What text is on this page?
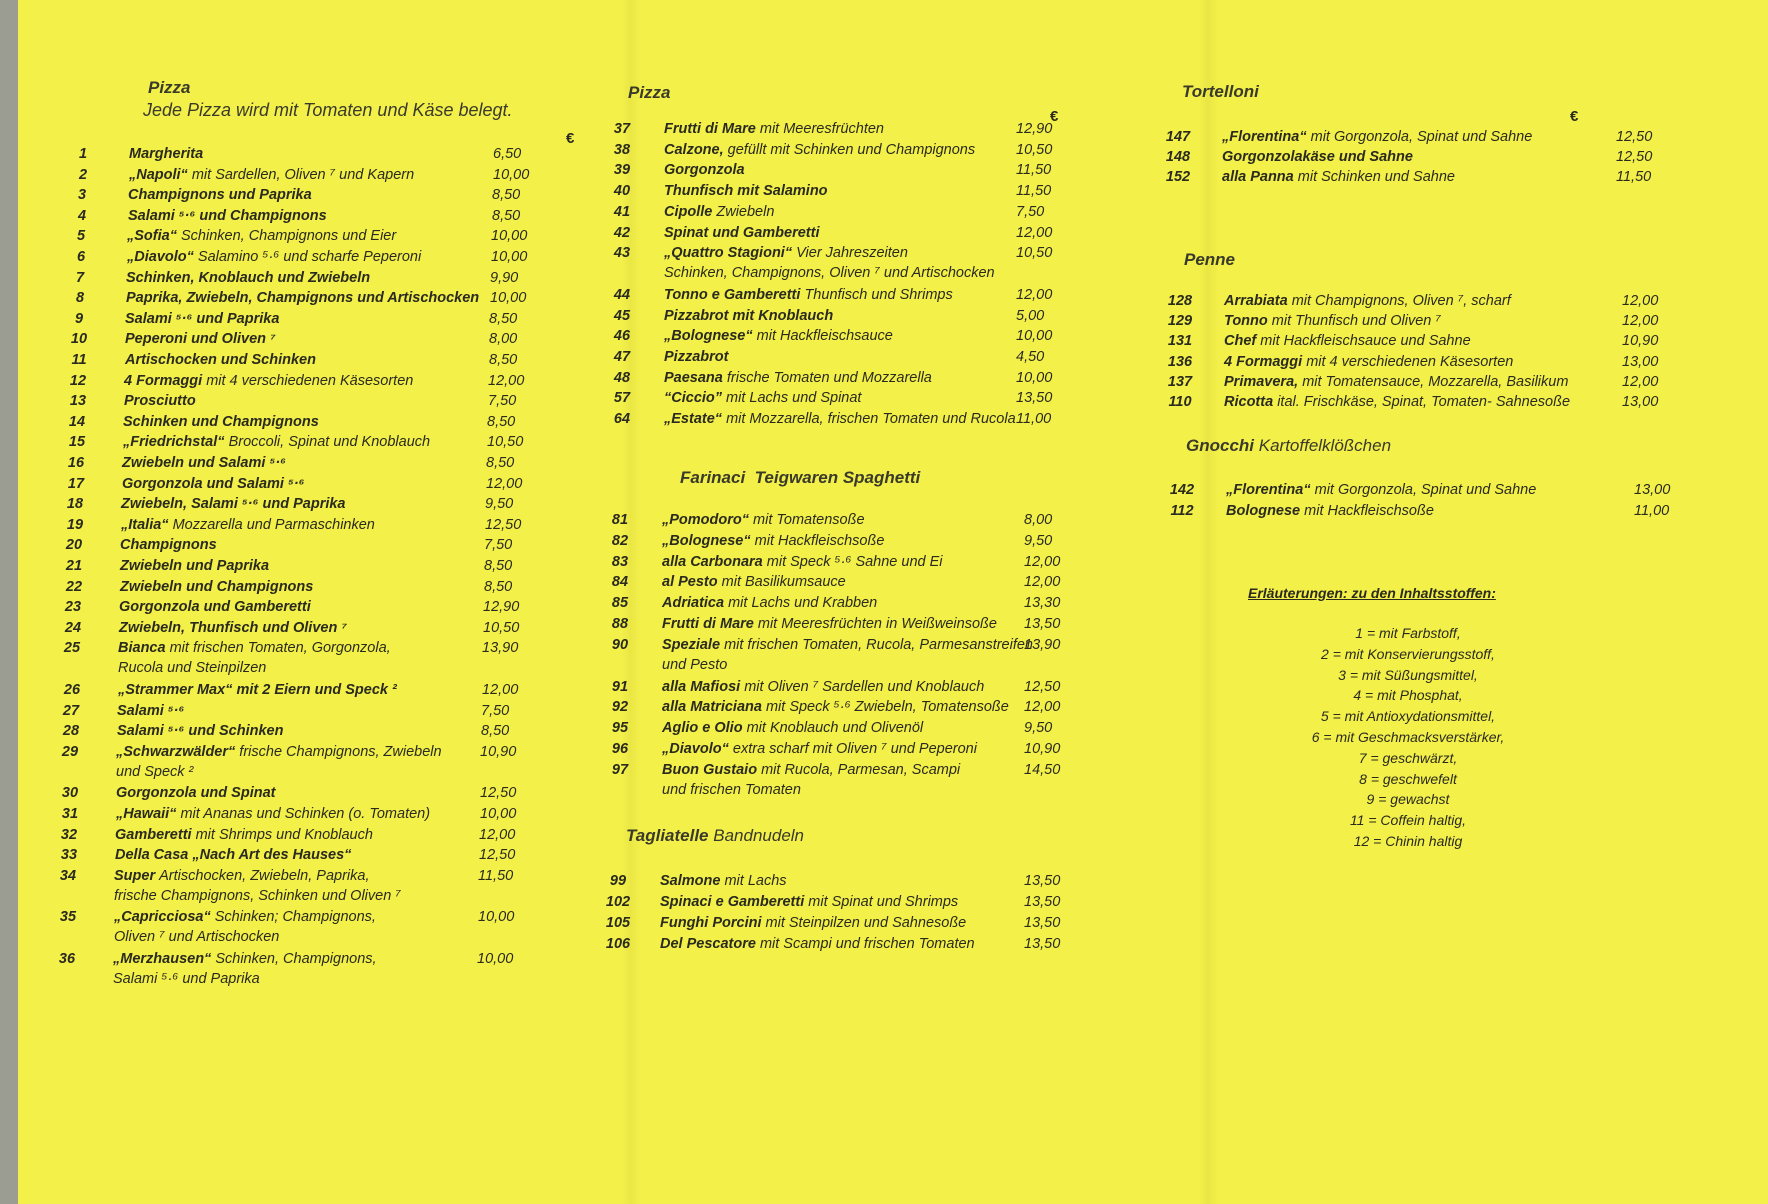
Pizza
Jede Pizza wird mit Tomaten und Käse belegt.
€
1	Margherita	6,50
2	„Napoli“ mit Sardellen, Oliven ⁷ und Kapern	10,00
3	Champignons und Paprika	8,50
4	Salami ⁵·⁶ und Champignons	8,50
5	„Sofia“ Schinken, Champignons und Eier	10,00
6	„Diavolo“ Salamino ⁵·⁶ und scharfe Peperoni	10,00
7	Schinken, Knoblauch und Zwiebeln	9,90
8	Paprika, Zwiebeln, Champignons und Artischocken 10,00
9	Salami ⁵·⁶ und Paprika	8,50
10	Peperoni und Oliven ⁷	8,00
11	Artischocken und Schinken	8,50
12	4 Formaggi mit 4 verschiedenen Käsesorten	12,00
13	Prosciutto	7,50
14	Schinken und Champignons	8,50
15	„Friedrichstal“ Broccoli, Spinat und Knoblauch	10,50
16	Zwiebeln und Salami ⁵·⁶	8,50
17	Gorgonzola und Salami ⁵·⁶	12,00
18	Zwiebeln, Salami ⁵·⁶ und Paprika	9,50
19	„Italia“ Mozzarella und Parmaschinken	12,50
20	Champignons	7,50
21	Zwiebeln und Paprika	8,50
22	Zwiebeln und Champignons	8,50
23	Gorgonzola und Gamberetti	12,90
24	Zwiebeln, Thunfisch und Oliven ⁷	10,50
25	Bianca mit frischen Tomaten, Gorgonzola,	13,90
Rucola und Steinpilzen
26	„Strammer Max“ mit 2 Eiern und Speck ²	12,00
27	Salami ⁵·⁶	7,50
28	Salami ⁵·⁶ und Schinken	8,50
29	„Schwarzwälder“ frische Champignons, Zwiebeln	10,90
und Speck ²
30	Gorgonzola und Spinat	12,50
31	„Hawaii“ mit Ananas und Schinken (o. Tomaten)	10,00
32	Gamberetti mit Shrimps und Knoblauch	12,00
33	Della Casa „Nach Art des Hauses“	12,50
34	Super Artischocken, Zwiebeln, Paprika,	11,50
frische Champignons, Schinken und Oliven ⁷
35	„Capricciosa“ Schinken; Champignons,	10,00
Oliven ⁷ und Artischocken
36	„Merzhausen“ Schinken, Champignons,	10,00
Salami ⁵·⁶ und Paprika
Pizza
€
37	Frutti di Mare mit Meeresfrüchten	12,90
38	Calzone, gefüllt mit Schinken und Champignons	10,50
39	Gorgonzola	11,50
40	Thunfisch mit Salamino	11,50
41	Cipolle Zwiebeln	7,50
42	Spinat und Gamberetti	12,00
43	„Quattro Stagioni“ Vier Jahreszeiten	10,50
Schinken, Champignons, Oliven ⁷ und Artischocken
44	Tonno e Gamberetti Thunfisch und Shrimps	12,00
45	Pizzabrot mit Knoblauch	5,00
46	„Bolognese“ mit Hackfleischsauce	10,00
47	Pizzabrot	4,50
48	Paesana frische Tomaten und Mozzarella	10,00
57	“Ciccio” mit Lachs und Spinat	13,50
64	„Estate“ mit Mozzarella, frischen Tomaten und Rucola 11,00
Farinaci Teigwaren Spaghetti
81	„Pomodoro“ mit Tomatensoße	8,00
82	„Bolognese“ mit Hackfleischsoße	9,50
83	alla Carbonara mit Speck ⁵·⁶ Sahne und Ei	12,00
84	al Pesto mit Basilikumsauce	12,00
85	Adriatica mit Lachs und Krabben	13,30
88	Frutti di Mare mit Meeresfrüchten in Weißweinsoße 13,50
90	Speziale mit frischen Tomaten, Rucola, Parmesanstreifen
13,90
und Pesto
91	alla Mafiosi mit Oliven ⁷ Sardellen und Knoblauch	12,50
92	alla Matriciana mit Speck ⁵·⁶ Zwiebeln, Tomatensoße 12,00
95	Aglio e Olio mit Knoblauch und Olivenöl	9,50
96	„Diavolo“ extra scharf mit Oliven ⁷ und Peperoni	10,90
97	Buon Gustaio mit Rucola, Parmesan, Scampi	14,50
und frischen Tomaten
Tagliatelle Bandnudeln
99	Salmone mit Lachs	13,50
102	Spinaci e Gamberetti mit Spinat und Shrimps	13,50
105	Funghi Porcini mit Steinpilzen und Sahnesoße	13,50
106	Del Pescatore mit Scampi und frischen Tomaten	13,50
Tortelloni
€
147	„Florentina“ mit Gorgonzola, Spinat und Sahne	12,50
148	Gorgonzolakäse und Sahne	12,50
152	alla Panna mit Schinken und Sahne	11,50
Penne
128	Arrabiata mit Champignons, Oliven ⁷, scharf	12,00
129	Tonno mit Thunfisch und Oliven ⁷	12,00
131	Chef mit Hackfleischsauce und Sahne	10,90
136	4 Formaggi mit 4 verschiedenen Käsesorten	13,00
137	Primavera, mit Tomatensauce, Mozzarella, Basilikum	12,00
110	Ricotta ital. Frischkäse, Spinat, Tomaten- Sahnesoße	13,00
Gnocchi Kartoffelklößchen
142	„Florentina“ mit Gorgonzola, Spinat und Sahne	13,00
112	Bolognese mit Hackfleischsoße	11,00
Erläuterungen: zu den Inhaltsstoffen:
1 = mit Farbstoff,
2 = mit Konservierungsstoff,
3 = mit Süßungsmittel,
4 = mit Phosphat,
5 = mit Antioxydationsmittel,
6 = mit Geschmacksverstärker,
7 = geschwärzt,
8 = geschwefelt
9 = gewachst
11 = Coffein haltig,
12 = Chinin haltig
